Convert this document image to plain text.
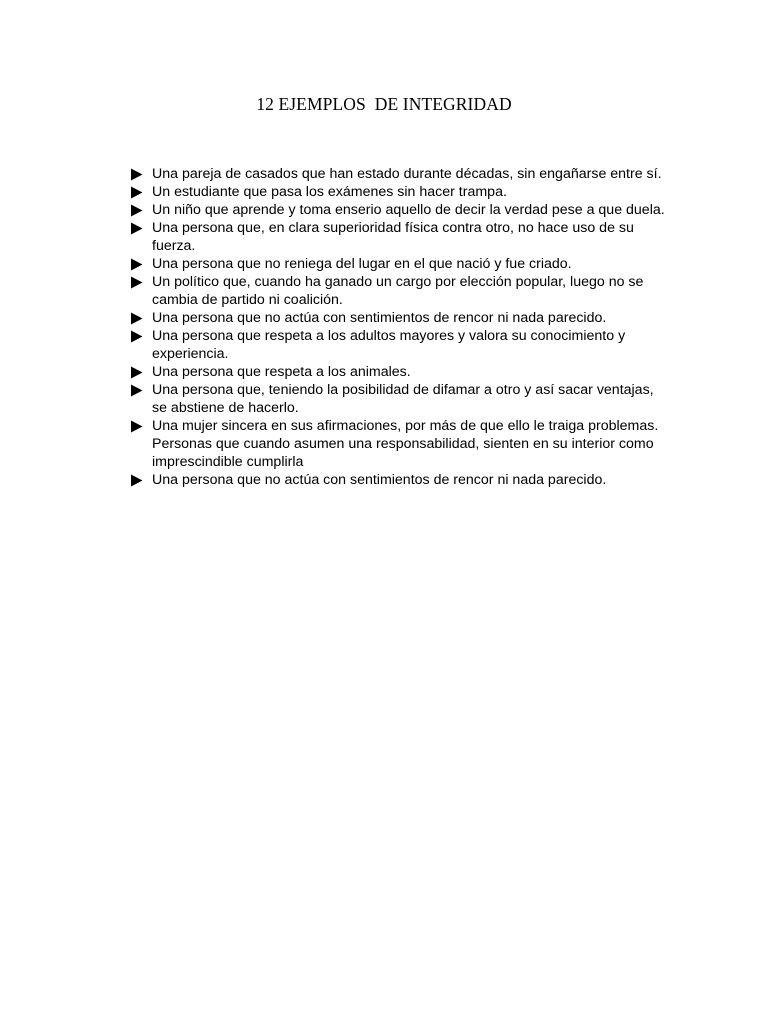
12 EJEMPLOS  DE INTEGRIDAD
Una pareja de casados que han estado durante décadas, sin engañarse entre sí.
Un estudiante que pasa los exámenes sin hacer trampa.
Un niño que aprende y toma enserio aquello de decir la verdad pese a que duela.
Una persona que, en clara superioridad física contra otro, no hace uso de su fuerza.
Una persona que no reniega del lugar en el que nació y fue criado.
Un político que, cuando ha ganado un cargo por elección popular, luego no se cambia de partido ni coalición.
Una persona que no actúa con sentimientos de rencor ni nada parecido.
Una persona que respeta a los adultos mayores y valora su conocimiento y experiencia.
Una persona que respeta a los animales.
Una persona que, teniendo la posibilidad de difamar a otro y así sacar ventajas, se abstiene de hacerlo.
Una mujer sincera en sus afirmaciones, por más de que ello le traiga problemas.
Personas que cuando asumen una responsabilidad, sienten en su interior como imprescindible cumplirla
Una persona que no actúa con sentimientos de rencor ni nada parecido.
